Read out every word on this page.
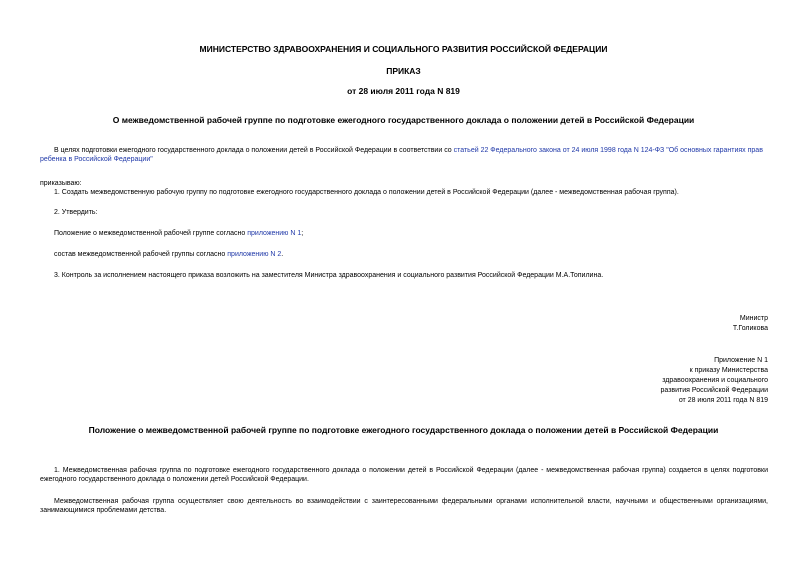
МИНИСТЕРСТВО ЗДРАВООХРАНЕНИЯ И СОЦИАЛЬНОГО РАЗВИТИЯ РОССИЙСКОЙ ФЕДЕРАЦИИ
ПРИКАЗ
от 28 июля 2011 года N 819
О межведомственной рабочей группе по подготовке ежегодного государственного доклада о положении детей в Российской Федерации
В целях подготовки ежегодного государственного доклада о положении детей в Российской Федерации в соответствии со статьей 22 Федерального закона от 24 июля 1998 года N 124-ФЗ "Об основных гарантиях прав ребенка в Российской Федерации"
приказываю:
1. Создать межведомственную рабочую группу по подготовке ежегодного государственного доклада о положении детей в Российской Федерации (далее - межведомственная рабочая группа).
2. Утвердить:
Положение о межведомственной рабочей группе согласно приложению N 1;
состав межведомственной рабочей группы согласно приложению N 2.
3. Контроль за исполнением настоящего приказа возложить на заместителя Министра здравоохранения и социального развития Российской Федерации М.А.Топилина.
Министр
Т.Голикова
Приложение N 1
к приказу Министерства
здравоохранения и социального
развития Российской Федерации
от 28 июля 2011 года N 819
Положение о межведомственной рабочей группе по подготовке ежегодного государственного доклада о положении детей в Российской Федерации
1. Межведомственная рабочая группа по подготовке ежегодного государственного доклада о положении детей в Российской Федерации (далее - межведомственная рабочая группа) создается в целях подготовки ежегодного государственного доклада о положении детей Российской Федерации.
Межведомственная рабочая группа осуществляет свою деятельность во взаимодействии с заинтересованными федеральными органами исполнительной власти, научными и общественными организациями, занимающимися проблемами детства.
